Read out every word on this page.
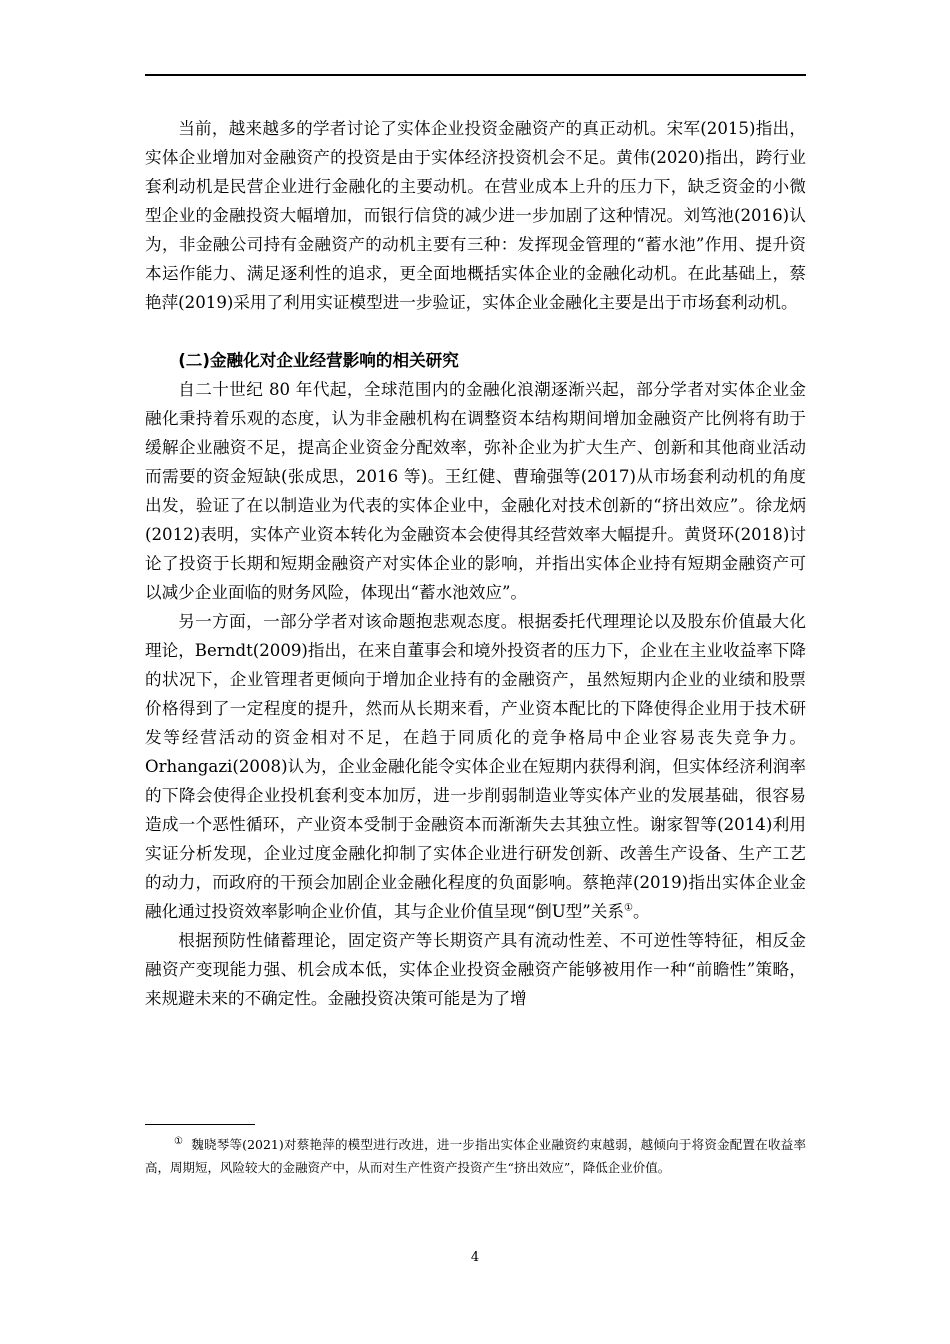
当前，越来越多的学者讨论了实体企业投资金融资产的真正动机。宋军(2015)指出，实体企业增加对金融资产的投资是由于实体经济投资机会不足。黄伟(2020)指出，跨行业套利动机是民营企业进行金融化的主要动机。在营业成本上升的压力下，缺乏资金的小微型企业的金融投资大幅增加，而银行信贷的减少进一步加剧了这种情况。刘笃池(2016)认为，非金融公司持有金融资产的动机主要有三种：发挥现金管理的“蓄水池”作用、提升资本运作能力、满足逐利性的追求，更全面地概括实体企业的金融化动机。在此基础上，蔡艳萍(2019)采用了利用实证模型进一步验证，实体企业金融化主要是出于市场套利动机。

(二)金融化对企业经营影响的相关研究

自二十世纪 80 年代起，全球范围内的金融化浪潮逐渐兴起，部分学者对实体企业金融化秉持着乐观的态度，认为非金融机构在调整资本结构期间增加金融资产比例将有助于缓解企业融资不足，提高企业资金分配效率，弥补企业为扩大生产、创新和其他商业活动而需要的资金短缺(张成思，2016 等)。王红健、曹瑜强等(2017)从市场套利动机的角度出发，验证了在以制造业为代表的实体企业中，金融化对技术创新的“挤出效应”。徐龙炳(2012)表明，实体产业资本转化为金融资本会使得其经营效率大幅提升。黄贤环(2018)讨论了投资于长期和短期金融资产对实体企业的影响，并指出实体企业持有短期金融资产可以减少企业面临的财务风险，体现出“蓄水池效应”。

另一方面，一部分学者对该命题抱悲观态度。根据委托代理理论以及股东价值最大化理论，Berndt(2009)指出，在来自董事会和境外投资者的压力下，企业在主业收益率下降的状况下，企业管理者更倾向于增加企业持有的金融资产，虽然短期内企业的业绩和股票价格得到了一定程度的提升，然而从长期来看，产业资本配比的下降使得企业用于技术研发等经营活动的资金相对不足，在趋于同质化的竞争格局中企业容易丧失竞争力。Orhangazi(2008)认为，企业金融化能令实体企业在短期内获得利润，但实体经济利润率的下降会使得企业投机套利变本加厉，进一步削弱制造业等实体产业的发展基础，很容易造成一个恶性循环，产业资本受制于金融资本而渐渐失去其独立性。谢家智等(2014)利用实证分析发现，企业过度金融化抑制了实体企业进行研发创新、改善生产设备、生产工艺的动力，而政府的干预会加剧企业金融化程度的负面影响。蔡艳萍(2019)指出实体企业金融化通过投资效率影响企业价值，其与企业价值呈现“倒U型”关系①。

根据预防性储蓄理论，固定资产等长期资产具有流动性差、不可逆性等特征，相反金融资产变现能力强、机会成本低，实体企业投资金融资产能够被用作一种“前瞻性”策略，来规避未来的不确定性。金融投资决策可能是为了增

① 魏晓琴等(2021)对蔡艳萍的模型进行改进，进一步指出实体企业融资约束越弱，越倾向于将资金配置在收益率高，周期短，风险较大的金融资产中，从而对生产性资产投资产生“挤出效应”，降低企业价值。
4
